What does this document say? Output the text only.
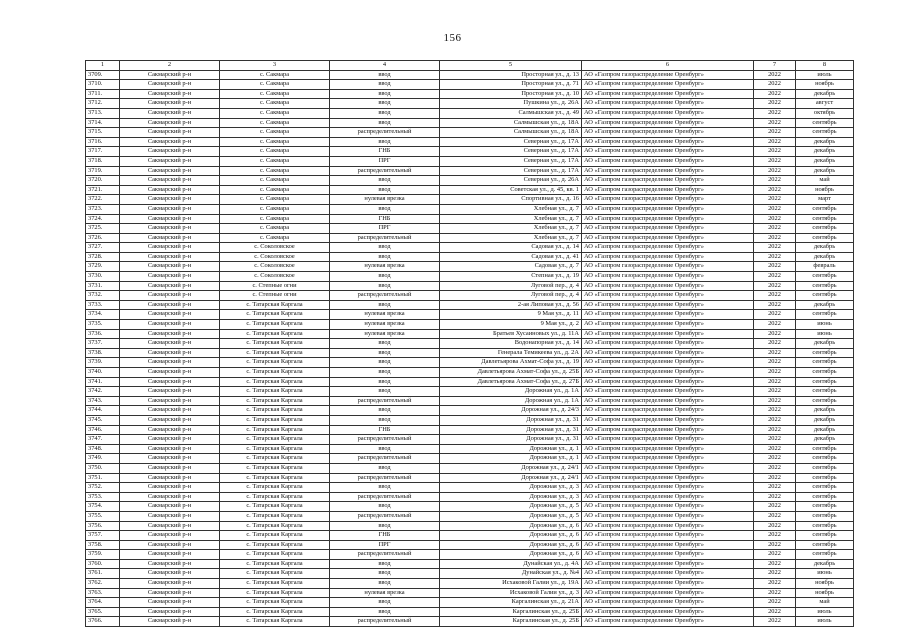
156
1	2	3	4	5	6	7	8
3709.	Сакмарский р-н	с. Сакмара	ввод	Просторная ул., д. 13	АО «Газпром газораспределение Оренбург»	2022	июль
3710.	Сакмарский р-н	с. Сакмара	ввод	Просторная ул., д. 71	АО «Газпром газораспределение Оренбург»	2022	ноябрь
3711.	Сакмарский р-н	с. Сакмара	ввод	Просторная ул., д. 10	АО «Газпром газораспределение Оренбург»	2022	декабрь
3712.	Сакмарский р-н	с. Сакмара	ввод	Пушкина ул., д. 26А	АО «Газпром газораспределение Оренбург»	2022	август
3713.	Сакмарский р-н	с. Сакмара	ввод	Салмышская ул., д. 49	АО «Газпром газораспределение Оренбург»	2022	октябрь
3714.	Сакмарский р-н	с. Сакмара	ввод	Салмышская ул., д. 18А	АО «Газпром газораспределение Оренбург»	2022	сентябрь
3715.	Сакмарский р-н	с. Сакмара	распределительный	Салмышская ул., д. 18А	АО «Газпром газораспределение Оренбург»	2022	сентябрь
3716.	Сакмарский р-н	с. Сакмара	ввод	Северная ул., д. 17А	АО «Газпром газораспределение Оренбург»	2022	декабрь
3717.	Сакмарский р-н	с. Сакмара	ГНБ	Северная ул., д. 17А	АО «Газпром газораспределение Оренбург»	2022	декабрь
3718.	Сакмарский р-н	с. Сакмара	ПРГ	Северная ул., д. 17А	АО «Газпром газораспределение Оренбург»	2022	декабрь
3719.	Сакмарский р-н	с. Сакмара	распределительный	Северная ул., д. 17А	АО «Газпром газораспределение Оренбург»	2022	декабрь
3720.	Сакмарский р-н	с. Сакмара	ввод	Северная ул., д. 26А	АО «Газпром газораспределение Оренбург»	2022	май
3721.	Сакмарский р-н	с. Сакмара	ввод	Советская ул., д. 45, кв. 1	АО «Газпром газораспределение Оренбург»	2022	ноябрь
3722.	Сакмарский р-н	с. Сакмара	нулевая врезка	Спортивная ул., д. 16	АО «Газпром газораспределение Оренбург»	2022	март
3723.	Сакмарский р-н	с. Сакмара	ввод	Хлебная ул., д. 7	АО «Газпром газораспределение Оренбург»	2022	сентябрь
3724.	Сакмарский р-н	с. Сакмара	ГНБ	Хлебная ул., д. 7	АО «Газпром газораспределение Оренбург»	2022	сентябрь
3725.	Сакмарский р-н	с. Сакмара	ПРГ	Хлебная ул., д. 7	АО «Газпром газораспределение Оренбург»	2022	сентябрь
3726.	Сакмарский р-н	с. Сакмара	распределительный	Хлебная ул., д. 7	АО «Газпром газораспределение Оренбург»	2022	сентябрь
3727.	Сакмарский р-н	с. Соколовское	ввод	Садовая ул., д. 14	АО «Газпром газораспределение Оренбург»	2022	декабрь
3728.	Сакмарский р-н	с. Соколовское	ввод	Садовая ул., д. 41	АО «Газпром газораспределение Оренбург»	2022	декабрь
3729.	Сакмарский р-н	с. Соколовское	нулевая врезка	Садовая ул., д. 7	АО «Газпром газораспределение Оренбург»	2022	февраль
3730.	Сакмарский р-н	с. Соколовское	ввод	Степная ул., д. 19	АО «Газпром газораспределение Оренбург»	2022	сентябрь
3731.	Сакмарский р-н	с. Степные огни	ввод	Луговой пер., д. 4	АО «Газпром газораспределение Оренбург»	2022	сентябрь
3732.	Сакмарский р-н	с. Степные огни	распределительный	Луговой пер., д. 4	АО «Газпром газораспределение Оренбург»	2022	сентябрь
3733.	Сакмарский р-н	с. Татарская Каргала	ввод	2-ая Липовая ул., д. 56	АО «Газпром газораспределение Оренбург»	2022	декабрь
3734.	Сакмарский р-н	с. Татарская Каргала	нулевая врезка	9 Мая ул., д. 11	АО «Газпром газораспределение Оренбург»	2022	сентябрь
3735.	Сакмарский р-н	с. Татарская Каргала	нулевая врезка	9 Мая ул., д. 2	АО «Газпром газораспределение Оренбург»	2022	июнь
3736.	Сакмарский р-н	с. Татарская Каргала	нулевая врезка	Братьев Хусаиновых ул., д. 11А	АО «Газпром газораспределение Оренбург»	2022	июнь
3737.	Сакмарский р-н	с. Татарская Каргала	ввод	Водонапорная ул., д. 14	АО «Газпром газораспределение Оренбург»	2022	декабрь
3738.	Сакмарский р-н	с. Татарская Каргала	ввод	Генерала Темикеева ул., д. 2А	АО «Газпром газораспределение Оренбург»	2022	сентябрь
3739.	Сакмарский р-н	с. Татарская Каргала	ввод	Давлетьярова Ахмат-Софа ул., д. 19	АО «Газпром газораспределение Оренбург»	2022	сентябрь
3740.	Сакмарский р-н	с. Татарская Каргала	ввод	Давлетьярова Ахмат-Софа ул., д. 25Б	АО «Газпром газораспределение Оренбург»	2022	сентябрь
3741.	Сакмарский р-н	с. Татарская Каргала	ввод	Давлетьярова Ахмат-Софа ул., д. 27Б	АО «Газпром газораспределение Оренбург»	2022	сентябрь
3742.	Сакмарский р-н	с. Татарская Каргала	ввод	Дорожная ул., д. 1А	АО «Газпром газораспределение Оренбург»	2022	сентябрь
3743.	Сакмарский р-н	с. Татарская Каргала	распределительный	Дорожная ул., д. 1А	АО «Газпром газораспределение Оренбург»	2022	сентябрь
3744.	Сакмарский р-н	с. Татарская Каргала	ввод	Дорожная ул., д. 24/3	АО «Газпром газораспределение Оренбург»	2022	декабрь
3745.	Сакмарский р-н	с. Татарская Каргала	ввод	Дорожная ул., д. 31	АО «Газпром газораспределение Оренбург»	2022	декабрь
3746.	Сакмарский р-н	с. Татарская Каргала	ГНБ	Дорожная ул., д. 31	АО «Газпром газораспределение Оренбург»	2022	декабрь
3747.	Сакмарский р-н	с. Татарская Каргала	распределительный	Дорожная ул., д. 31	АО «Газпром газораспределение Оренбург»	2022	декабрь
3748.	Сакмарский р-н	с. Татарская Каргала	ввод	Дорожная ул., д. 1	АО «Газпром газораспределение Оренбург»	2022	сентябрь
3749.	Сакмарский р-н	с. Татарская Каргала	распределительный	Дорожная ул., д. 1	АО «Газпром газораспределение Оренбург»	2022	сентябрь
3750.	Сакмарский р-н	с. Татарская Каргала	ввод	Дорожная ул., д. 24/1	АО «Газпром газораспределение Оренбург»	2022	сентябрь
3751.	Сакмарский р-н	с. Татарская Каргала	распределительный	Дорожная ул., д. 24/1	АО «Газпром газораспределение Оренбург»	2022	сентябрь
3752.	Сакмарский р-н	с. Татарская Каргала	ввод	Дорожная ул., д. 3	АО «Газпром газораспределение Оренбург»	2022	сентябрь
3753.	Сакмарский р-н	с. Татарская Каргала	распределительный	Дорожная ул., д. 3	АО «Газпром газораспределение Оренбург»	2022	сентябрь
3754.	Сакмарский р-н	с. Татарская Каргала	ввод	Дорожная ул., д. 5	АО «Газпром газораспределение Оренбург»	2022	сентябрь
3755.	Сакмарский р-н	с. Татарская Каргала	распределительный	Дорожная ул., д. 5	АО «Газпром газораспределение Оренбург»	2022	сентябрь
3756.	Сакмарский р-н	с. Татарская Каргала	ввод	Дорожная ул., д. 6	АО «Газпром газораспределение Оренбург»	2022	сентябрь
3757.	Сакмарский р-н	с. Татарская Каргала	ГНБ	Дорожная ул., д. 6	АО «Газпром газораспределение Оренбург»	2022	сентябрь
3758.	Сакмарский р-н	с. Татарская Каргала	ПРГ	Дорожная ул., д. 6	АО «Газпром газораспределение Оренбург»	2022	сентябрь
3759.	Сакмарский р-н	с. Татарская Каргала	распределительный	Дорожная ул., д. 6	АО «Газпром газораспределение Оренбург»	2022	сентябрь
3760.	Сакмарский р-н	с. Татарская Каргала	ввод	Дунайская ул., д. 4А	АО «Газпром газораспределение Оренбург»	2022	декабрь
3761.	Сакмарский р-н	с. Татарская Каргала	ввод	Дунайская ул., д. №4	АО «Газпром газораспределение Оренбург»	2022	июнь
3762.	Сакмарский р-н	с. Татарская Каргала	ввод	Исхаковой Галии ул., д. 19А	АО «Газпром газораспределение Оренбург»	2022	ноябрь
3763.	Сакмарский р-н	с. Татарская Каргала	нулевая врезка	Исхаковой Галии ул., д. 3	АО «Газпром газораспределение Оренбург»	2022	ноябрь
3764.	Сакмарский р-н	с. Татарская Каргала	ввод	Каргалинская ул., д. 21А	АО «Газпром газораспределение Оренбург»	2022	май
3765.	Сакмарский р-н	с. Татарская Каргала	ввод	Каргалинская ул., д. 25Б	АО «Газпром газораспределение Оренбург»	2022	июль
3766.	Сакмарский р-н	с. Татарская Каргала	распределительный	Каргалинская ул., д. 25Б	АО «Газпром газораспределение Оренбург»	2022	июль
